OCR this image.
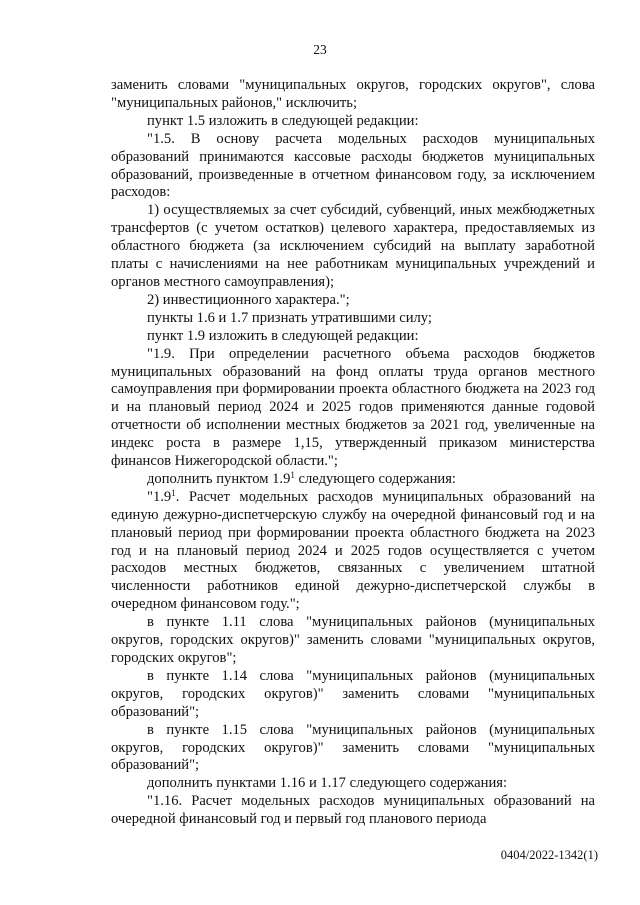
23

заменить словами "муниципальных округов, городских округов", слова "муниципальных районов," исключить;

пункт 1.5 изложить в следующей редакции:

"1.5. В основу расчета модельных расходов муниципальных образований принимаются кассовые расходы бюджетов муниципальных образований, произведенные в отчетном финансовом году, за исключением расходов:

1) осуществляемых за счет субсидий, субвенций, иных межбюджетных трансфертов (с учетом остатков) целевого характера, предоставляемых из областного бюджета (за исключением субсидий на выплату заработной платы с начислениями на нее работникам муниципальных учреждений и органов местного самоуправления);

2) инвестиционного характера.";

пункты 1.6 и 1.7 признать утратившими силу;

пункт 1.9 изложить в следующей редакции:

"1.9. При определении расчетного объема расходов бюджетов муниципальных образований на фонд оплаты труда органов местного самоуправления при формировании проекта областного бюджета на 2023 год и на плановый период 2024 и 2025 годов применяются данные годовой отчетности об исполнении местных бюджетов за 2021 год, увеличенные на индекс роста в размере 1,15, утвержденный приказом министерства финансов Нижегородской области.";

дополнить пунктом $1.9^1$ следующего содержания:

"$1.9^1$. Расчет модельных расходов муниципальных образований на единую дежурно-диспетчерскую службу на очередной финансовый год и на плановый период при формировании проекта областного бюджета на 2023 год и на плановый период 2024 и 2025 годов осуществляется с учетом расходов местных бюджетов, связанных с увеличением штатной численности работников единой дежурно-диспетчерской службы в очередном финансовом году.";

в пункте 1.11 слова "муниципальных районов (муниципальных округов, городских округов)" заменить словами "муниципальных округов, городских округов";

в пункте 1.14 слова "муниципальных районов (муниципальных округов, городских округов)" заменить словами "муниципальных образований";

в пункте 1.15 слова "муниципальных районов (муниципальных округов, городских округов)" заменить словами "муниципальных образований";

дополнить пунктами 1.16 и 1.17 следующего содержания:

"1.16. Расчет модельных расходов муниципальных образований на очередной финансовый год и первый год планового периода

0404/2022-1342(1)
